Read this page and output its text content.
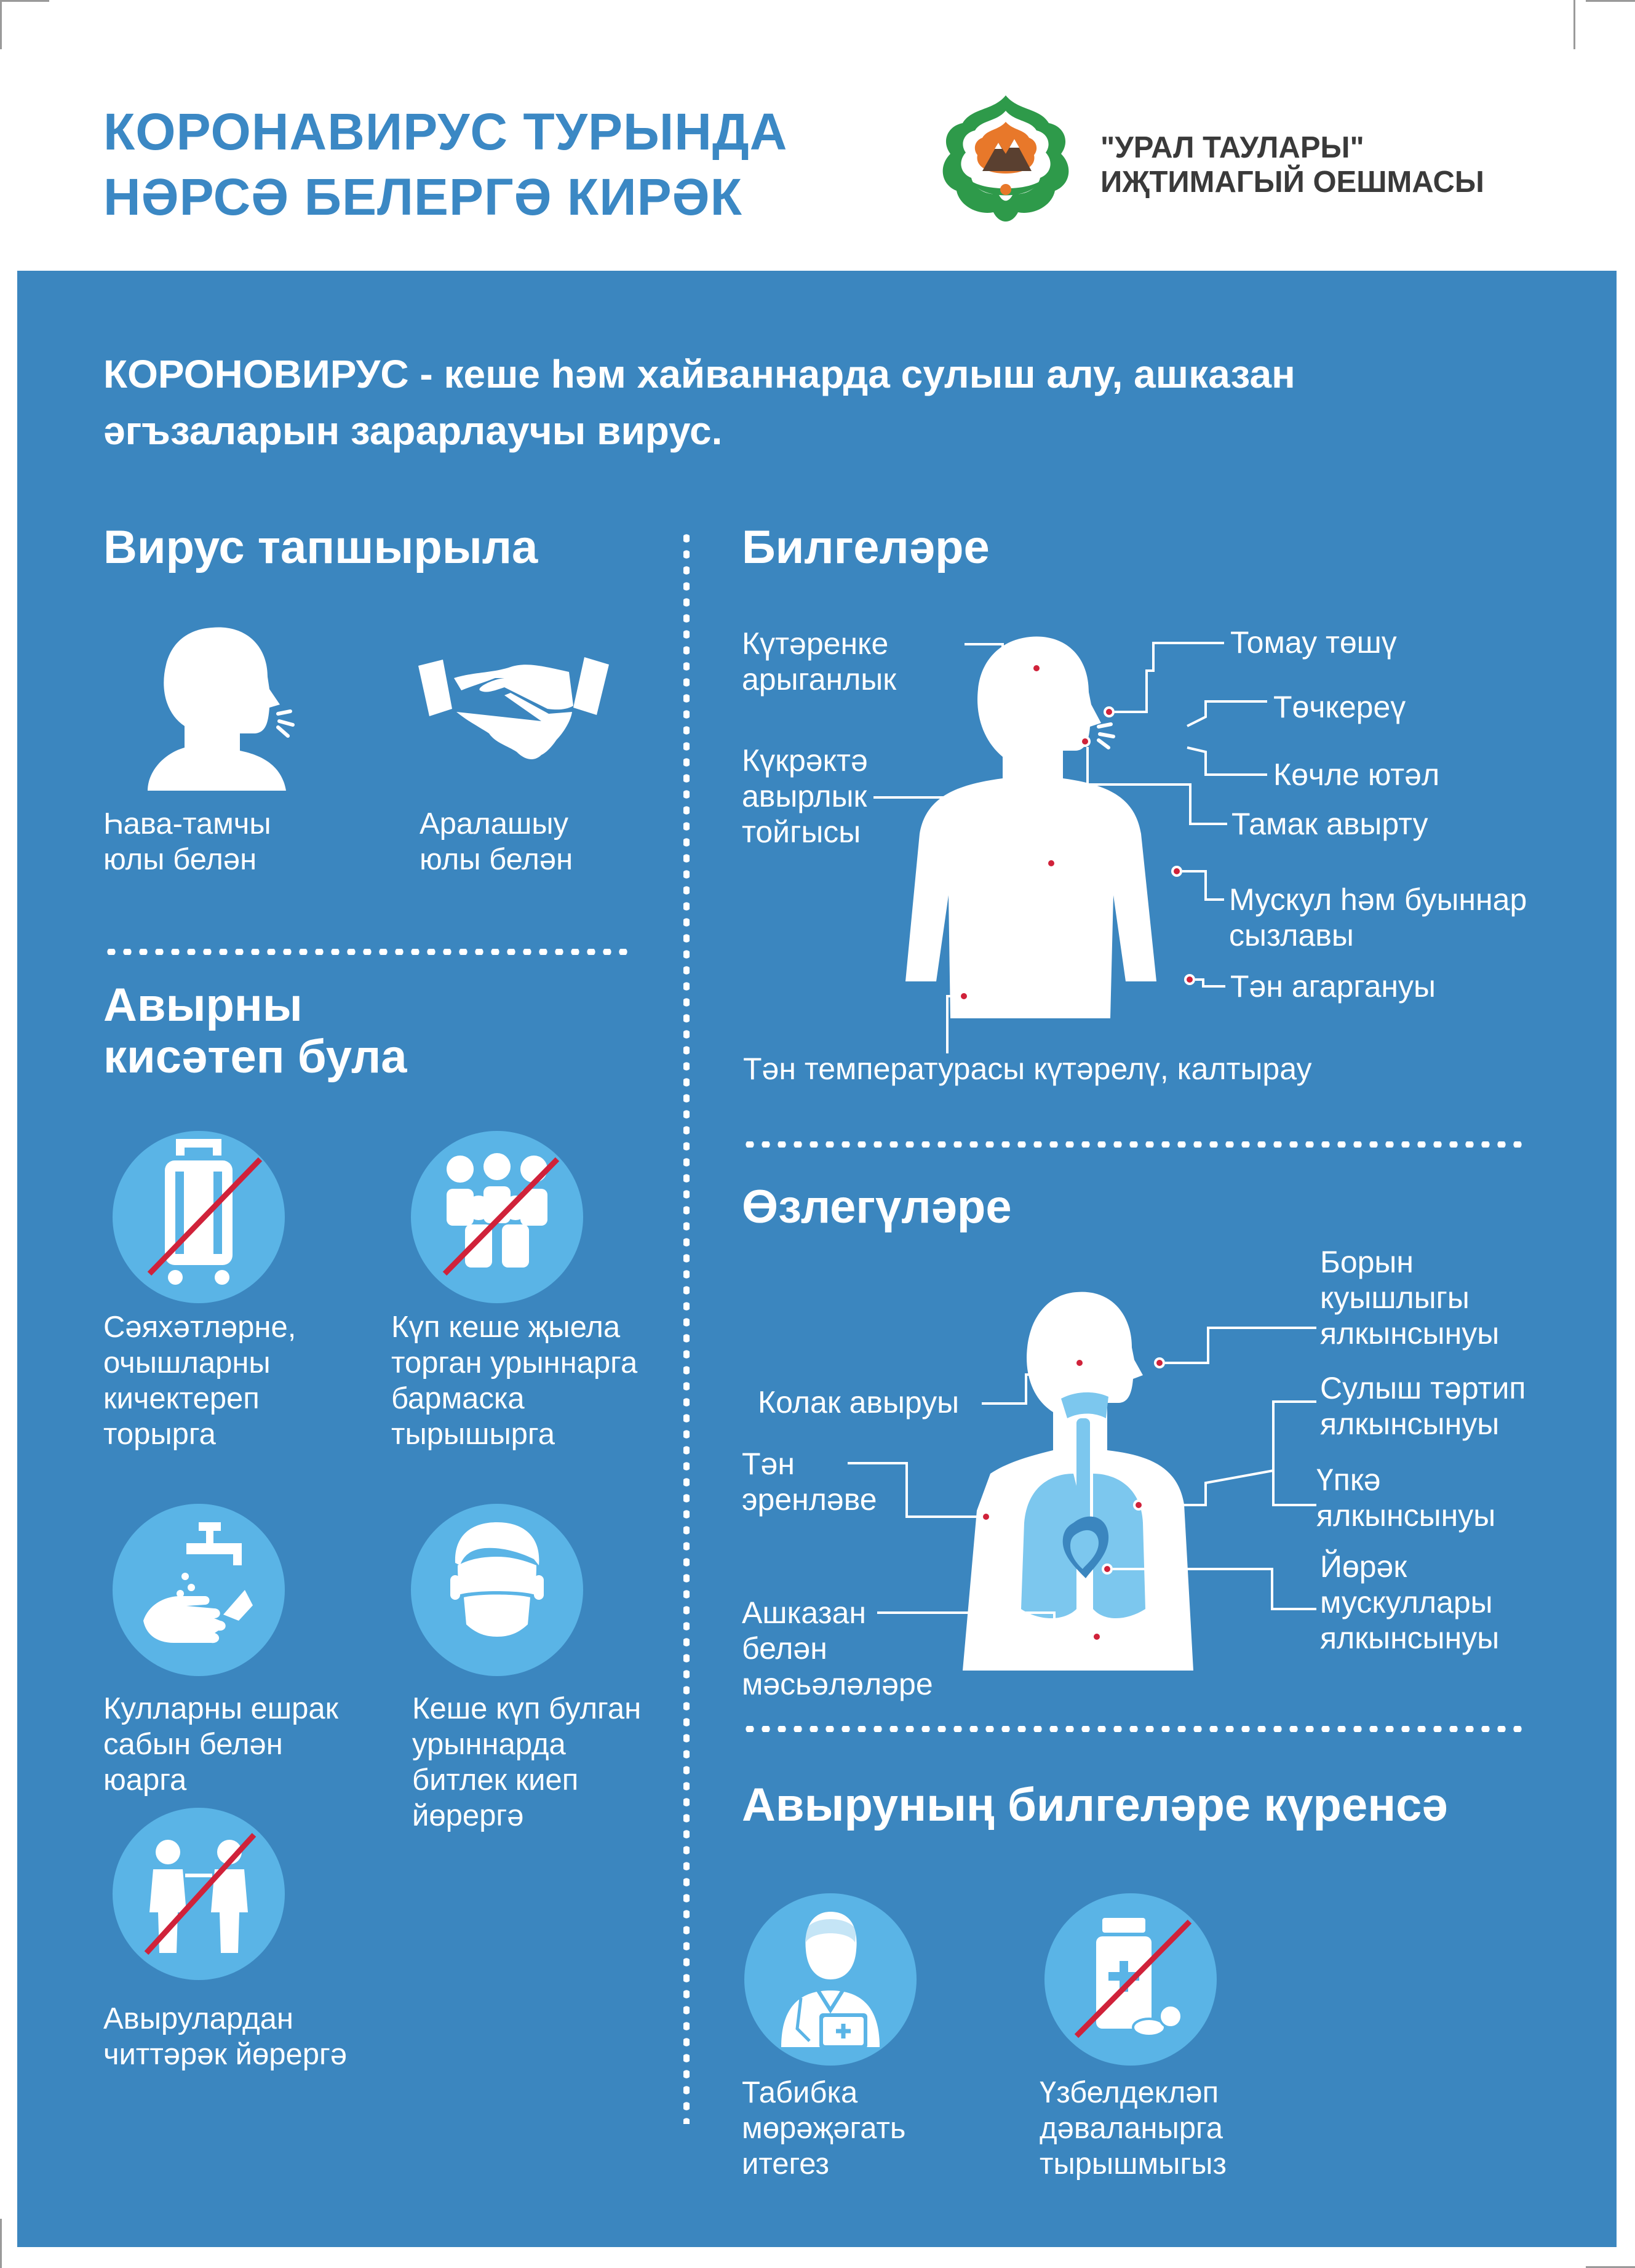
КОРОНАВИРУС ТУРЫНДА
НӘРСӘ БЕЛЕРГӘ КИРӘК
"УРАЛ ТАУЛАРЫ"
ИҖТИМАГЫЙ ОЕШМАСЫ
КОРОНОВИРУС - кеше һәм хайваннарда сулыш алу, ашказан
әгъзаларын зарарлаучы вирус.
Вирус тапшырыла
Һава-тамчы
юлы белән
Аралашыу
юлы белән
Авырны
кисәтеп була
Сәяхәтләрне,
очышларны
кичектереп
торырга
Күп кеше җыела
торган урыннарга
бармаска
тырышырга
Кулларны ешрак
сабын белән
юарга
Кеше күп булган
урыннарда
битлек киеп
йөрергә
Авырулардан
читтәрәк йөрергә
Билгеләре
Күтәренке
арыганлык
Күкрәктә
авырлык
тойгысы
Томау төшү
Төчкереү
Көчле ютәл
Тамак авырту
Мускул һәм буыннар
сызлавы
Тән агаргануы
Тән температурасы күтәрелү, калтырау
Өзлегүләре
Борын
куышлыгы
ялкынсынуы
Колак авыруы	Сулыш тәртип
ялкынсынуы
Тән
эренләве
Үпкә
ялкынсынуы
Йөрәк
мускуллары
ялкынсынуы
Ашказан
белән
мәсьәләләре
Авыруның билгеләре күренсә
Табибка
мөрәҗәгать
итегез
Үзбелдекләп
дәваланырга
тырышмыгыз
